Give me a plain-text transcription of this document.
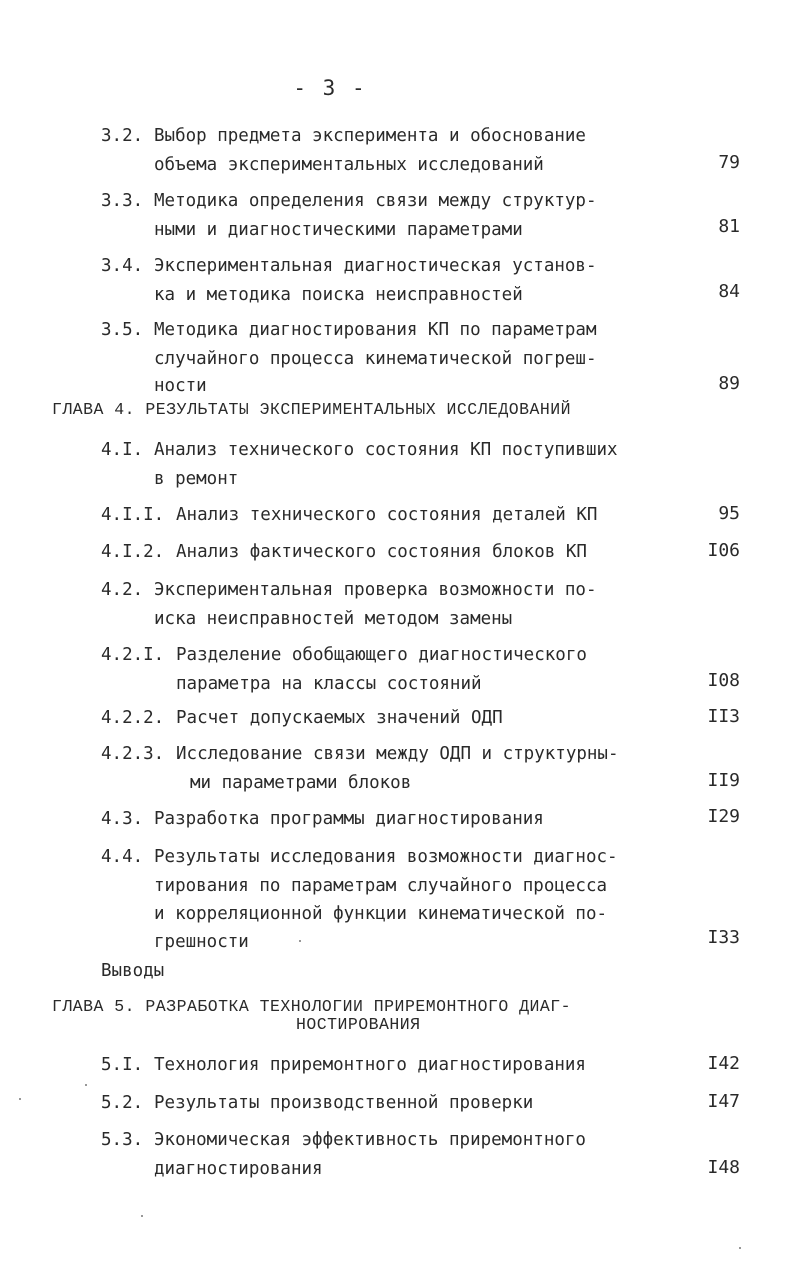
- 3 -
3.2. Выбор предмета эксперимента и обоснование
объема экспериментальных исследований	79
3.3. Методика определения связи между структур-
ными и диагностическими параметрами	81
3.4. Экспериментальная диагностическая установ-
ка и методика поиска неисправностей	84
3.5. Методика диагностирования КП по параметрам
случайного процесса кинематической погреш-
ности	89
ГЛАВА 4. РЕЗУЛЬТАТЫ ЭКСПЕРИМЕНТАЛЬНЫХ ИССЛЕДОВАНИЙ
4.I. Анализ технического состояния КП поступивших
в ремонт
4.I.I. Анализ технического состояния деталей КП	95
4.I.2. Анализ фактического состояния блоков КП	I06
4.2. Экспериментальная проверка возможности по-
иска неисправностей методом замены
4.2.I. Разделение обобщающего диагностического
параметра на классы состояний	I08
4.2.2. Расчет допускаемых значений ОДП	II3
4.2.3. Исследование связи между ОДП и структурны-
ми параметрами блоков	II9
4.3. Разработка программы диагностирования	I29
4.4. Результаты исследования возможности диагнос-
тирования по параметрам случайного процесса
и корреляционной функции кинематической по-
грешности	I33
Выводы
ГЛАВА 5. РАЗРАБОТКА ТЕХНОЛОГИИ ПРИРЕМОНТНОГО ДИАГ-
НОСТИРОВАНИЯ
5.I. Технология приремонтного диагностирования	I42
5.2. Результаты производственной проверки	I47
5.3. Экономическая эффективность приремонтного
диагностирования	I48
